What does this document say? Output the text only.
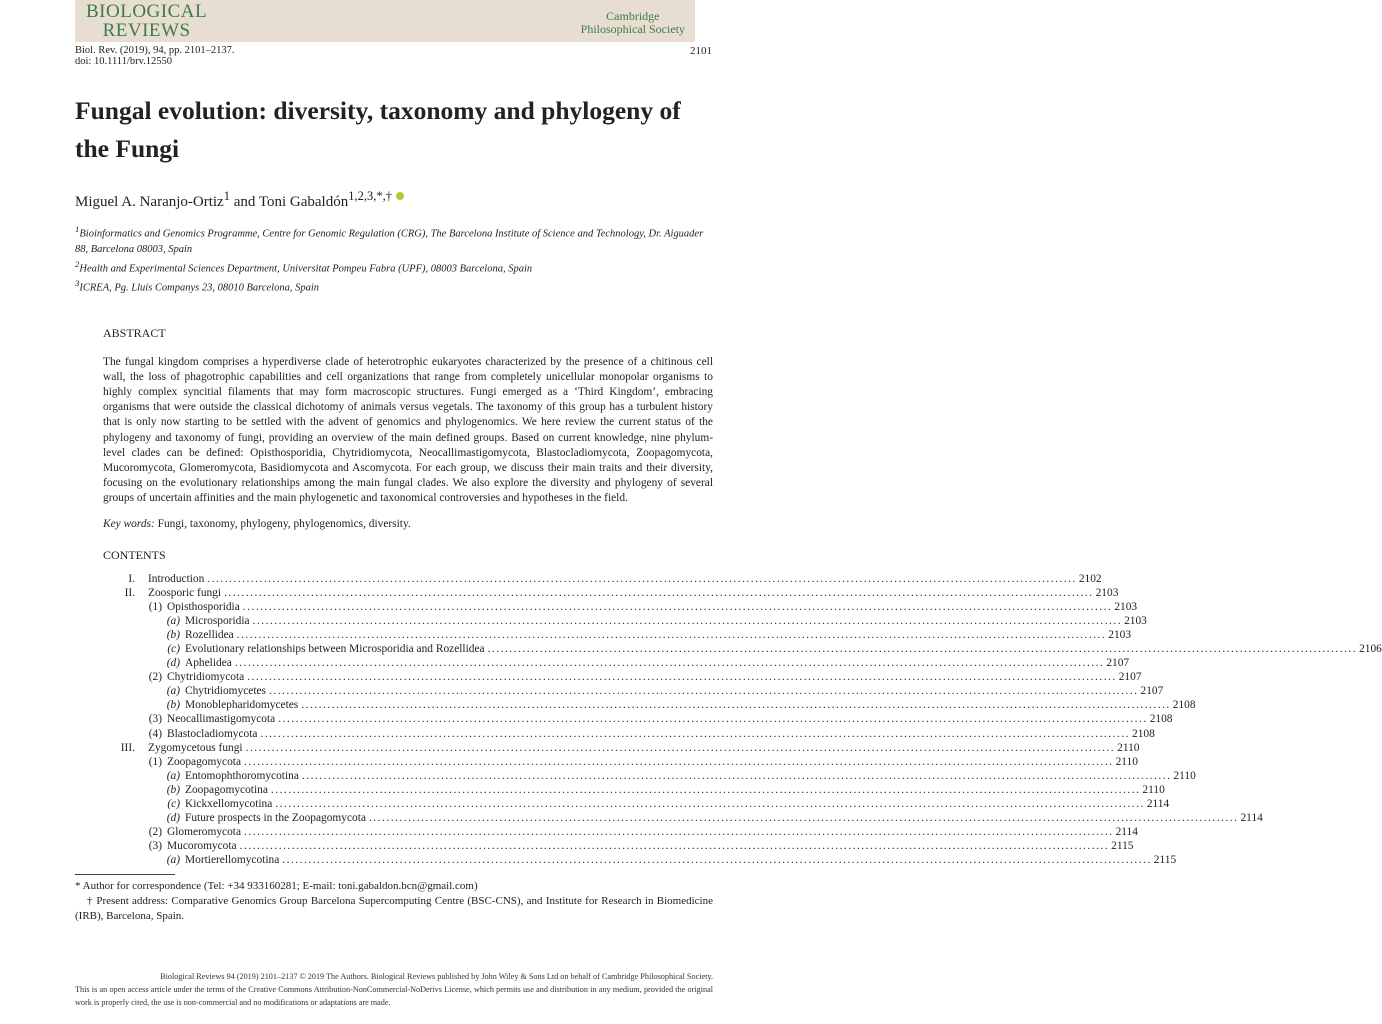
BIOLOGICAL
REVIEWS
Cambridge
Philosophical Society
Biol. Rev. (2019), 94, pp. 2101–2137.
doi: 10.1111/brv.12550
2101
Fungal evolution: diversity, taxonomy and phylogeny of the Fungi
Miguel A. Naranjo-Ortiz$^1$ and Toni Gabaldón$^{1,2,3,*,\dagger}$
$^1$Bioinformatics and Genomics Programme, Centre for Genomic Regulation (CRG), The Barcelona Institute of Science and Technology, Dr. Aiguader 88, Barcelona 08003, Spain
$^2$Health and Experimental Sciences Department, Universitat Pompeu Fabra (UPF), 08003 Barcelona, Spain
$^3$ICREA, Pg. Lluís Companys 23, 08010 Barcelona, Spain
ABSTRACT
The fungal kingdom comprises a hyperdiverse clade of heterotrophic eukaryotes characterized by the presence of a chitinous cell wall, the loss of phagotrophic capabilities and cell organizations that range from completely unicellular monopolar organisms to highly complex syncitial filaments that may form macroscopic structures. Fungi emerged as a ‘Third Kingdom’, embracing organisms that were outside the classical dichotomy of animals versus vegetals. The taxonomy of this group has a turbulent history that is only now starting to be settled with the advent of genomics and phylogenomics. We here review the current status of the phylogeny and taxonomy of fungi, providing an overview of the main defined groups. Based on current knowledge, nine phylum-level clades can be defined: Opisthosporidia, Chytridiomycota, Neocallimastigomycota, Blastocladiomycota, Zoopagomycota, Mucoromycota, Glomeromycota, Basidiomycota and Ascomycota. For each group, we discuss their main traits and their diversity, focusing on the evolutionary relationships among the main fungal clades. We also explore the diversity and phylogeny of several groups of uncertain affinities and the main phylogenetic and taxonomical controversies and hypotheses in the field.
Key words: Fungi, taxonomy, phylogeny, phylogenomics, diversity.
CONTENTS
I. Introduction ........................................................................................................................................................................................................ 2102
II. Zoosporic fungi ........................................................................................................................................................................................................ 2103
(1) Opisthosporidia ........................................................................................................................................................................................................ 2103
(a) Microsporidia ........................................................................................................................................................................................................ 2103
(b) Rozellidea ........................................................................................................................................................................................................ 2103
(c) Evolutionary relationships between Microsporidia and Rozellidea ........................................................................................................................................................................................................ 2106
(d) Aphelidea ........................................................................................................................................................................................................ 2107
(2) Chytridiomycota ........................................................................................................................................................................................................ 2107
(a) Chytridiomycetes ........................................................................................................................................................................................................ 2107
(b) Monoblepharidomycetes ........................................................................................................................................................................................................ 2108
(3) Neocallimastigomycota ........................................................................................................................................................................................................ 2108
(4) Blastocladiomycota ........................................................................................................................................................................................................ 2108
III. Zygomycetous fungi ........................................................................................................................................................................................................ 2110
(1) Zoopagomycota ........................................................................................................................................................................................................ 2110
(a) Entomophthoromycotina ........................................................................................................................................................................................................ 2110
(b) Zoopagomycotina ........................................................................................................................................................................................................ 2110
(c) Kickxellomycotina ........................................................................................................................................................................................................ 2114
(d) Future prospects in the Zoopagomycota ........................................................................................................................................................................................................ 2114
(2) Glomeromycota ........................................................................................................................................................................................................ 2114
(3) Mucoromycota ........................................................................................................................................................................................................ 2115
(a) Mortierellomycotina ........................................................................................................................................................................................................ 2115
* Author for correspondence (Tel: +34 933160281; E-mail: toni.gabaldon.bcn@gmail.com)
† Present address: Comparative Genomics Group Barcelona Supercomputing Centre (BSC-CNS), and Institute for Research in Biomedicine (IRB), Barcelona, Spain.
Biological Reviews 94 (2019) 2101–2137 © 2019 The Authors. Biological Reviews published by John Wiley & Sons Ltd on behalf of Cambridge Philosophical Society.
This is an open access article under the terms of the Creative Commons Attribution-NonCommercial-NoDerivs License, which permits use and distribution in any medium, provided the original work is properly cited, the use is non-commercial and no modifications or adaptations are made.
